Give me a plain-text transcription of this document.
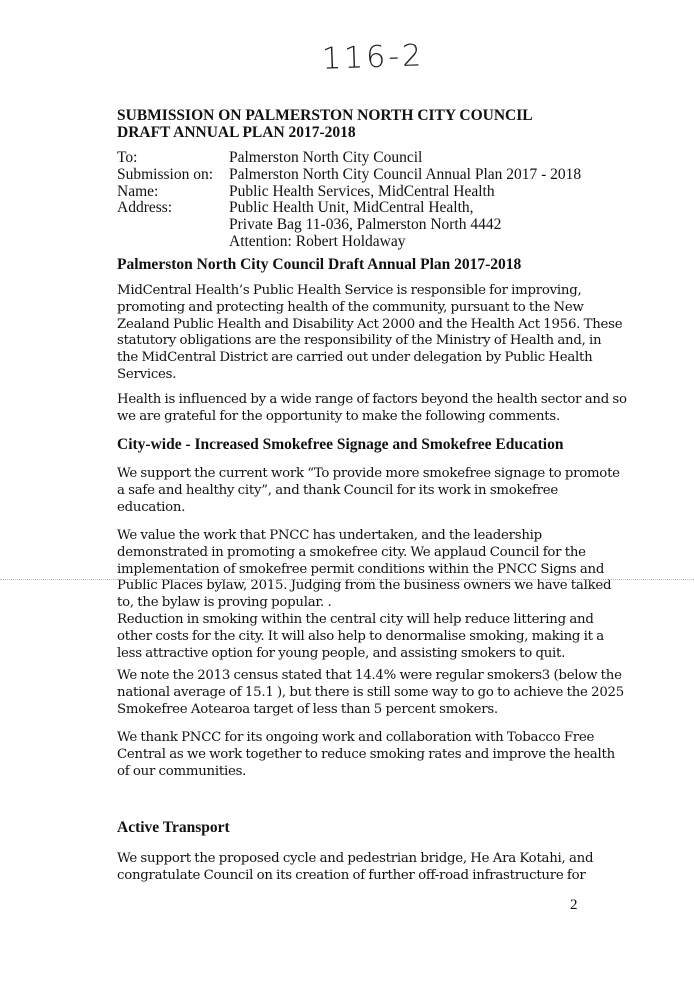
116-2
SUBMISSION ON PALMERSTON NORTH CITY COUNCIL
DRAFT ANNUAL PLAN 2017-2018
To:	Palmerston North City Council
Submission on:	Palmerston North City Council Annual Plan 2017 - 2018
Name:	Public Health Services, MidCentral Health
Address:	Public Health Unit, MidCentral Health,
Private Bag 11-036, Palmerston North 4442
Attention: Robert Holdaway
Palmerston North City Council Draft Annual Plan 2017-2018

MidCentral Health’s Public Health Service is responsible for improving,
promoting and protecting health of the community, pursuant to the New
Zealand Public Health and Disability Act 2000 and the Health Act 1956. These
statutory obligations are the responsibility of the Ministry of Health and, in
the MidCentral District are carried out under delegation by Public Health
Services.

Health is influenced by a wide range of factors beyond the health sector and so
we are grateful for the opportunity to make the following comments.

City-wide - Increased Smokefree Signage and Smokefree Education

We support the current work “To provide more smokefree signage to promote
a safe and healthy city”, and thank Council for its work in smokefree
education.

We value the work that PNCC has undertaken, and the leadership
demonstrated in promoting a smokefree city. We applaud Council for the
implementation of smokefree permit conditions within the PNCC Signs and
Public Places bylaw, 2015. Judging from the business owners we have talked
to, the bylaw is proving popular. .
Reduction in smoking within the central city will help reduce littering and
other costs for the city. It will also help to denormalise smoking, making it a
less attractive option for young people, and assisting smokers to quit.

We note the 2013 census stated that 14.4% were regular smokers3 (below the
national average of 15.1 ), but there is still some way to go to achieve the 2025
Smokefree Aotearoa target of less than 5 percent smokers.

We thank PNCC for its ongoing work and collaboration with Tobacco Free
Central as we work together to reduce smoking rates and improve the health
of our communities.

Active Transport

We support the proposed cycle and pedestrian bridge, He Ara Kotahi, and
congratulate Council on its creation of further off-road infrastructure for

2
